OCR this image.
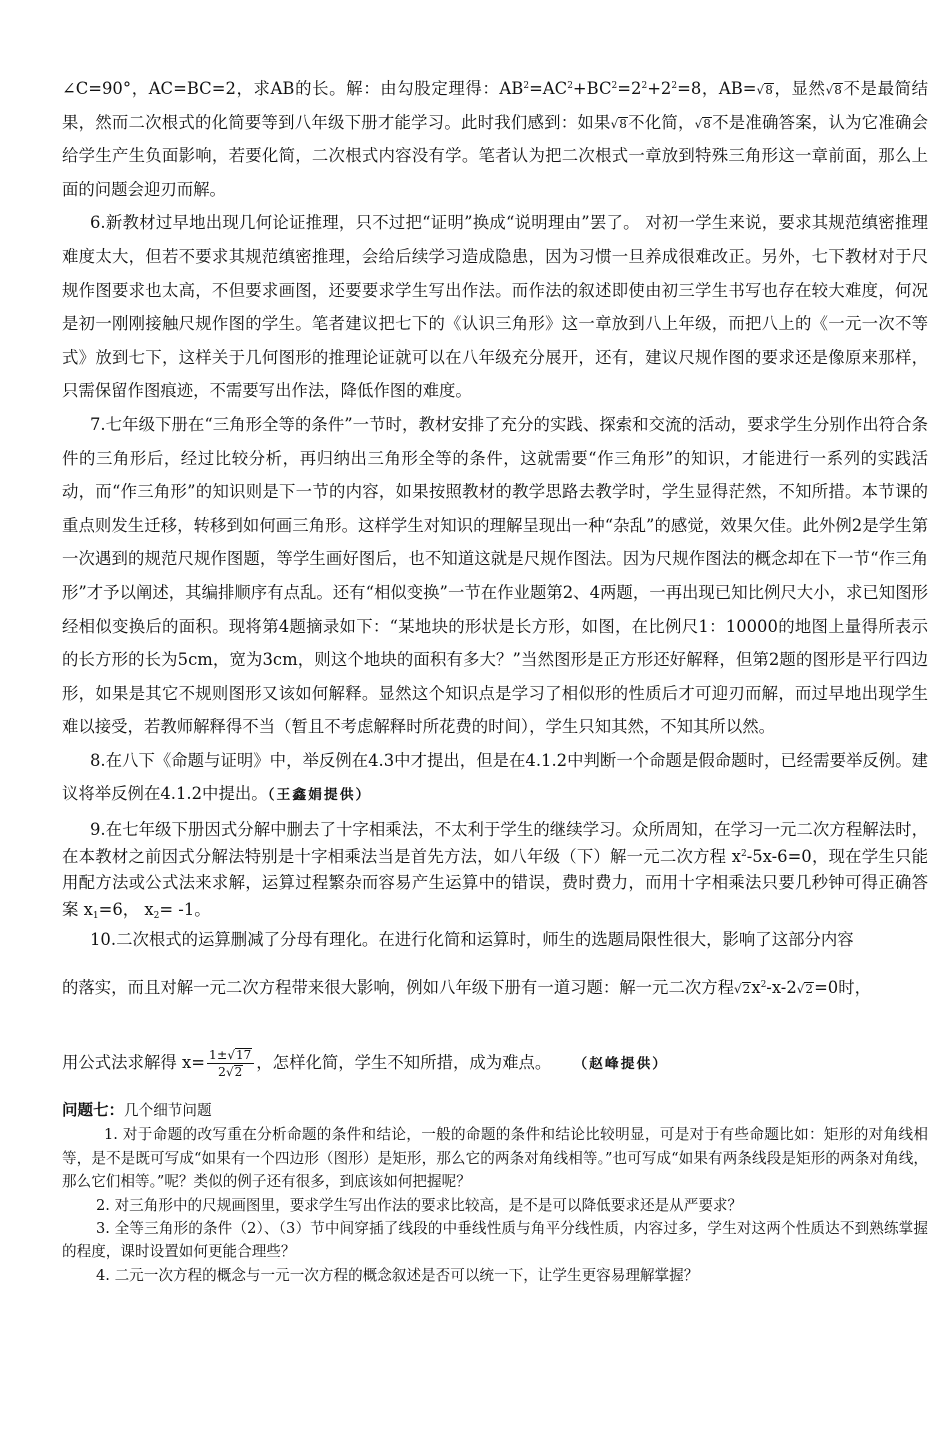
∠C=90°，AC=BC=2，求AB的长。解：由勾股定理得：$AB^2=AC^2+BC^2=2^2+2^2=8$，AB=√8，显然√8不是最简结果，然而二次根式的化简要等到八年级下册才能学习。此时我们感到：如果√8不化简，√8不是准确答案，认为它准确会给学生产生负面影响，若要化简，二次根式内容没有学。笔者认为把二次根式一章放到特殊三角形这一章前面，那么上面的问题会迎刃而解。

6.新教材过早地出现几何论证推理，只不过把“证明”换成“说明理由”罢了。 对初一学生来说，要求其规范缜密推理难度太大，但若不要求其规范缜密推理，会给后续学习造成隐患，因为习惯一旦养成很难改正。另外，七下教材对于尺规作图要求也太高，不但要求画图，还要要求学生写出作法。而作法的叙述即使由初三学生书写也存在较大难度，何况是初一刚刚接触尺规作图的学生。笔者建议把七下的《认识三角形》这一章放到八上年级，而把八上的《一元一次不等式》放到七下，这样关于几何图形的推理论证就可以在八年级充分展开，还有，建议尺规作图的要求还是像原来那样，只需保留作图痕迹，不需要写出作法，降低作图的难度。

7.七年级下册在“三角形全等的条件”一节时，教材安排了充分的实践、探索和交流的活动，要求学生分别作出符合条件的三角形后，经过比较分析，再归纳出三角形全等的条件，这就需要“作三角形”的知识，才能进行一系列的实践活动，而“作三角形”的知识则是下一节的内容，如果按照教材的教学思路去教学时，学生显得茫然，不知所措。本节课的重点则发生迁移，转移到如何画三角形。这样学生对知识的理解呈现出一种“杂乱”的感觉，效果欠佳。此外例2是学生第一次遇到的规范尺规作图题，等学生画好图后，也不知道这就是尺规作图法。因为尺规作图法的概念却在下一节“作三角形”才予以阐述，其编排顺序有点乱。还有“相似变换”一节在作业题第2、4两题，一再出现已知比例尺大小，求已知图形经相似变换后的面积。现将第4题摘录如下：“某地块的形状是长方形，如图，在比例尺1：10000的地图上量得所表示的长方形的长为5cm，宽为3cm，则这个地块的面积有多大？”当然图形是正方形还好解释，但第2题的图形是平行四边形，如果是其它不规则图形又该如何解释。显然这个知识点是学习了相似形的性质后才可迎刃而解，而过早地出现学生难以接受，若教师解释得不当（暂且不考虑解释时所花费的时间），学生只知其然，不知其所以然。

8.在八下《命题与证明》中，举反例在4.3中才提出，但是在4.1.2中判断一个命题是假命题时，已经需要举反例。建议将举反例在4.1.2中提出。（王鑫娟提供）

9.在七年级下册因式分解中删去了十字相乘法，不太利于学生的继续学习。众所周知，在学习一元二次方程解法时，在本教材之前因式分解法特别是十字相乘法当是首先方法，如八年级（下）解一元二次方程 $x^2-5x-6=0$，现在学生只能用配方法或公式法来求解，运算过程繁杂而容易产生运算中的错误，费时费力，而用十字相乘法只要几秒钟可得正确答案 $x_1=6$， $x_2= -1$。

10.二次根式的运算删减了分母有理化。在进行化简和运算时，师生的选题局限性很大，影响了这部分内容

的落实，而且对解一元二次方程带来很大影响，例如八年级下册有一道习题：解一元二次方程$√2x^2-x-2√2=0$时，

用公式法求解得 $x= \frac{1\pm√17}{2√2}$ ，怎样化简，学生不知所措，成为难点。 （赵峰提供）

问题七：几个细节问题

1. 对于命题的改写重在分析命题的条件和结论，一般的命题的条件和结论比较明显，可是对于有些命题比如：矩形的对角线相等，是不是既可写成“如果有一个四边形（图形）是矩形，那么它的两条对角线相等。”也可写成“如果有两条线段是矩形的两条对角线，那么它们相等。”呢？类似的例子还有很多，到底该如何把握呢？

2. 对三角形中的尺规画图里，要求学生写出作法的要求比较高，是不是可以降低要求还是从严要求？

3. 全等三角形的条件（2）、（3）节中间穿插了线段的中垂线性质与角平分线性质，内容过多，学生对这两个性质达不到熟练掌握的程度，课时设置如何更能合理些？

4. 二元一次方程的概念与一元一次方程的概念叙述是否可以统一下，让学生更容易理解掌握？
